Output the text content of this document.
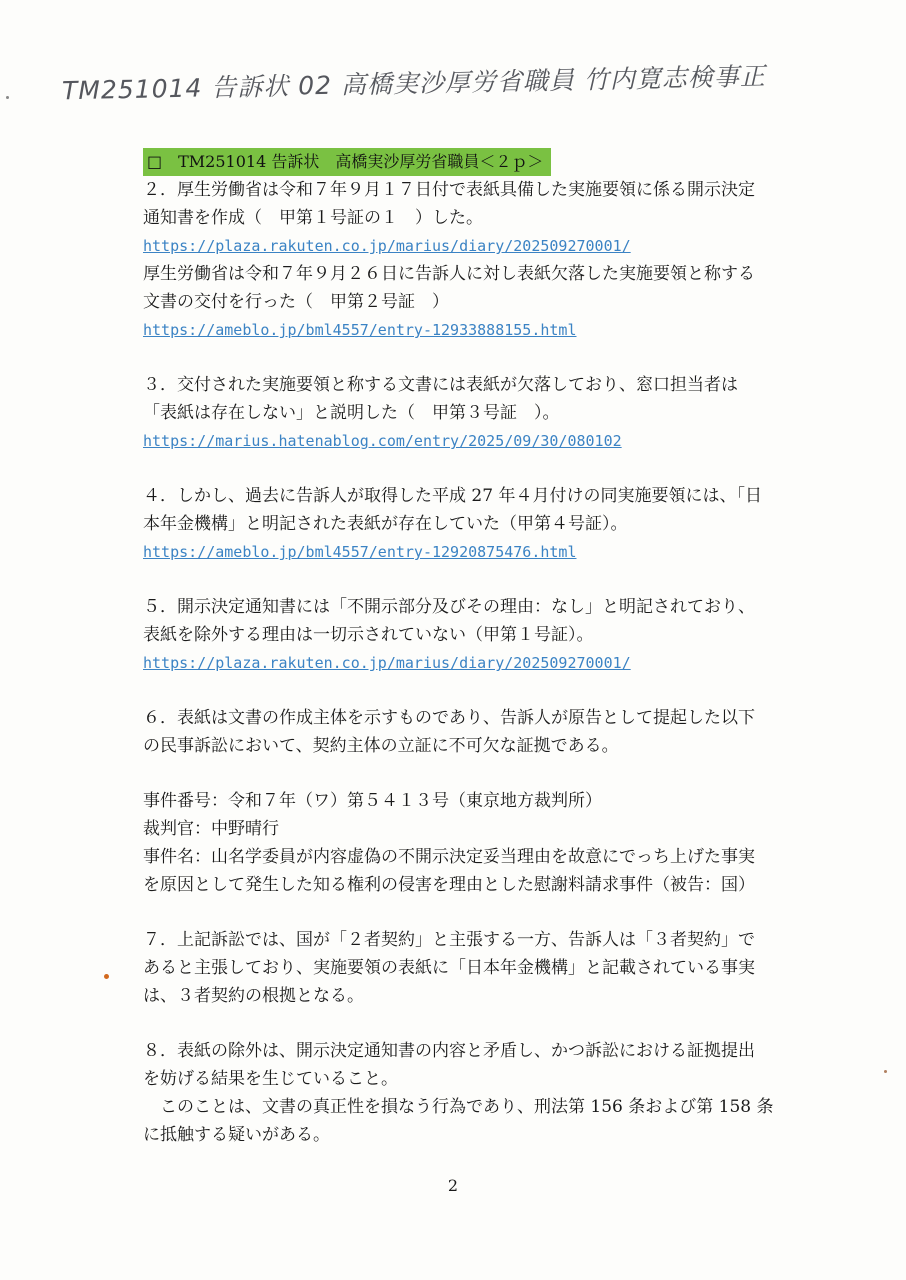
TM251014 告訴状 02 高橋実沙厚労省職員 竹内寛志検事正
□　TM251014 告訴状　高橋実沙厚労省職員＜２ｐ＞
２．厚生労働省は令和７年９月１７日付で表紙具備した実施要領に係る開示決定
通知書を作成（　甲第１号証の１　）した。
https://plaza.rakuten.co.jp/marius/diary/202509270001/
厚生労働省は令和７年９月２６日に告訴人に対し表紙欠落した実施要領と称する
文書の交付を行った（　甲第２号証　）
https://ameblo.jp/bml4557/entry-12933888155.html
３．交付された実施要領と称する文書には表紙が欠落しており、窓口担当者は
「表紙は存在しない」と説明した（　甲第３号証　）。
https://marius.hatenablog.com/entry/2025/09/30/080102
４．しかし、過去に告訴人が取得した平成 27 年４月付けの同実施要領には、「日
本年金機構」と明記された表紙が存在していた（甲第４号証）。
https://ameblo.jp/bml4557/entry-12920875476.html
５．開示決定通知書には「不開示部分及びその理由：なし」と明記されており、
表紙を除外する理由は一切示されていない（甲第１号証）。
https://plaza.rakuten.co.jp/marius/diary/202509270001/
６．表紙は文書の作成主体を示すものであり、告訴人が原告として提起した以下
の民事訴訟において、契約主体の立証に不可欠な証拠である。
事件番号：令和７年（ワ）第５４１３号（東京地方裁判所）
裁判官：中野晴行
事件名：山名学委員が内容虚偽の不開示決定妥当理由を故意にでっち上げた事実
を原因として発生した知る権利の侵害を理由とした慰謝料請求事件（被告：国）
７．上記訴訟では、国が「２者契約」と主張する一方、告訴人は「３者契約」で
あると主張しており、実施要領の表紙に「日本年金機構」と記載されている事実
は、３者契約の根拠となる。
８．表紙の除外は、開示決定通知書の内容と矛盾し、かつ訴訟における証拠提出
を妨げる結果を生じていること。
　このことは、文書の真正性を損なう行為であり、刑法第 156 条および第 158 条
に抵触する疑いがある。
2
